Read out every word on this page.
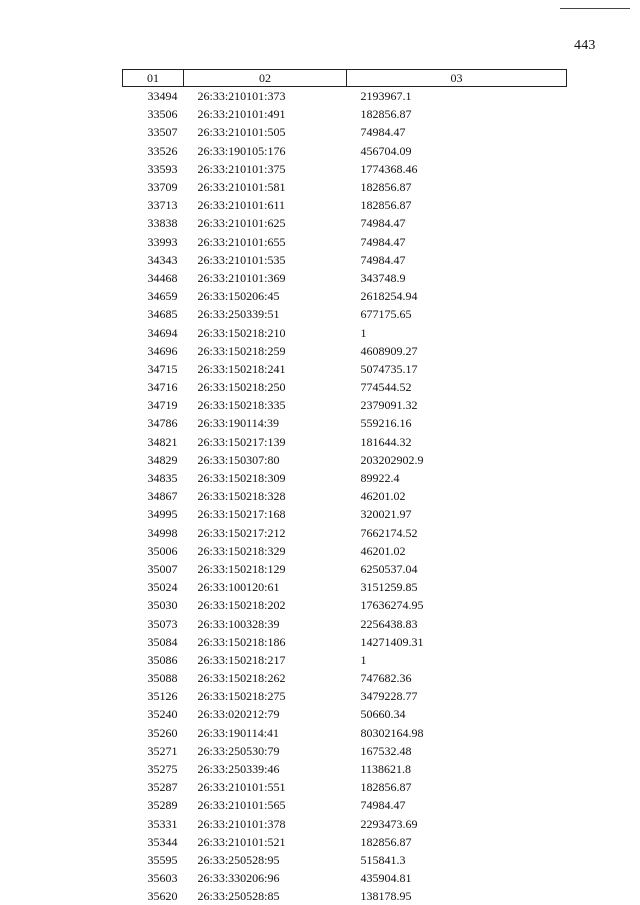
443
01	02	03
33494	26:33:210101:373	2193967.1
33506	26:33:210101:491	182856.87
33507	26:33:210101:505	74984.47
33526	26:33:190105:176	456704.09
33593	26:33:210101:375	1774368.46
33709	26:33:210101:581	182856.87
33713	26:33:210101:611	182856.87
33838	26:33:210101:625	74984.47
33993	26:33:210101:655	74984.47
34343	26:33:210101:535	74984.47
34468	26:33:210101:369	343748.9
34659	26:33:150206:45	2618254.94
34685	26:33:250339:51	677175.65
34694	26:33:150218:210	1
34696	26:33:150218:259	4608909.27
34715	26:33:150218:241	5074735.17
34716	26:33:150218:250	774544.52
34719	26:33:150218:335	2379091.32
34786	26:33:190114:39	559216.16
34821	26:33:150217:139	181644.32
34829	26:33:150307:80	203202902.9
34835	26:33:150218:309	89922.4
34867	26:33:150218:328	46201.02
34995	26:33:150217:168	320021.97
34998	26:33:150217:212	7662174.52
35006	26:33:150218:329	46201.02
35007	26:33:150218:129	6250537.04
35024	26:33:100120:61	3151259.85
35030	26:33:150218:202	17636274.95
35073	26:33:100328:39	2256438.83
35084	26:33:150218:186	14271409.31
35086	26:33:150218:217	1
35088	26:33:150218:262	747682.36
35126	26:33:150218:275	3479228.77
35240	26:33:020212:79	50660.34
35260	26:33:190114:41	80302164.98
35271	26:33:250530:79	167532.48
35275	26:33:250339:46	1138621.8
35287	26:33:210101:551	182856.87
35289	26:33:210101:565	74984.47
35331	26:33:210101:378	2293473.69
35344	26:33:210101:521	182856.87
35595	26:33:250528:95	515841.3
35603	26:33:330206:96	435904.81
35620	26:33:250528:85	138178.95
